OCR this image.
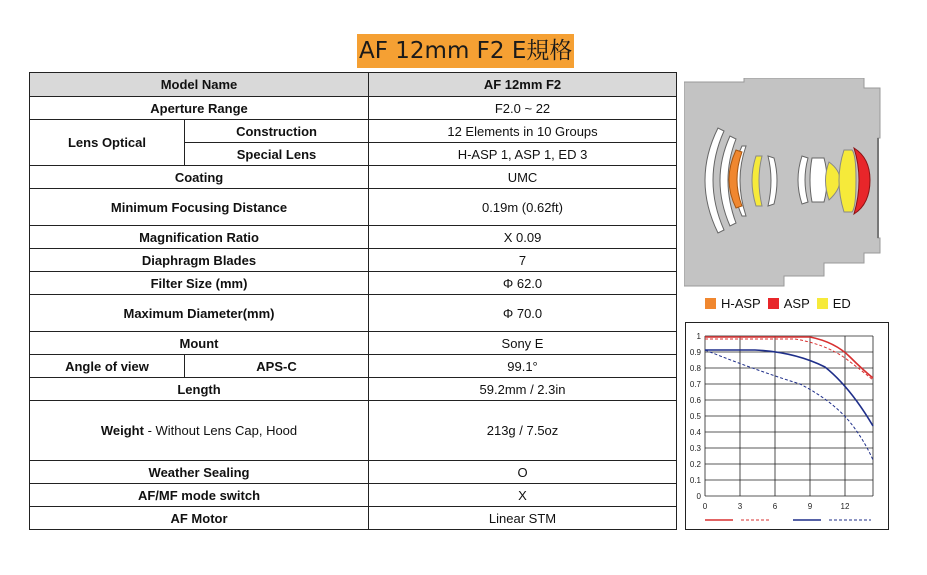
AF 12mm F2 E規格
Model Name		AF 12mm F2
Aperture Range		F2.0 ~ 22
Lens Optical	Construction	12 Elements in 10 Groups
	Special Lens	H-ASP 1, ASP 1, ED 3
Coating		UMC
Minimum Focusing Distance		0.19m (0.62ft)
Magnification Ratio		X 0.09
Diaphragm Blades		7
Filter Size (mm)		Φ 62.0
Maximum Diameter(mm)		Φ 70.0
Mount		Sony E
Angle of view	APS-C	99.1°
Length		59.2mm / 2.3in
Weight - Without Lens Cap, Hood		213g / 7.5oz
Weather Sealing		O
AF/MF mode switch		X
AF Motor		Linear STM
H-ASP ASP ED
1
0.9
0.8
0.7
0.6
0.5
0.4
0.3
0.2
0.1
0
0	3	6	9	12
